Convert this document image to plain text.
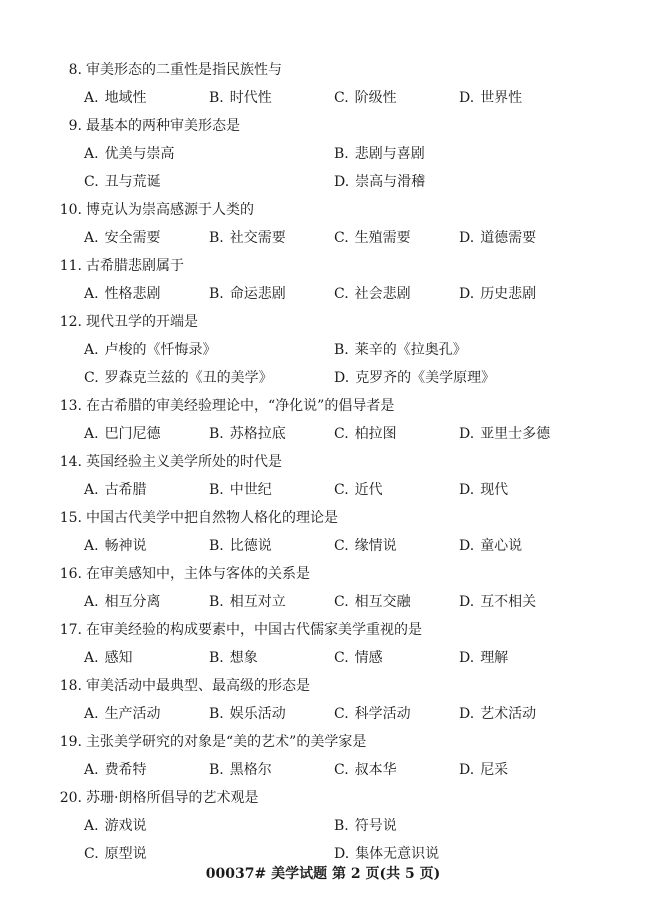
8. 审美形态的二重性是指民族性与
A. 地域性	B. 时代性	C. 阶级性	D. 世界性
9. 最基本的两种审美形态是
A. 优美与崇高	B. 悲剧与喜剧
C. 丑与荒诞	D. 崇高与滑稽
10. 博克认为崇高感源于人类的
A. 安全需要	B. 社交需要	C. 生殖需要	D. 道德需要
11. 古希腊悲剧属于
A. 性格悲剧	B. 命运悲剧	C. 社会悲剧	D. 历史悲剧
12. 现代丑学的开端是
A. 卢梭的《忏悔录》	B. 莱辛的《拉奥孔》
C. 罗森克兰兹的《丑的美学》	D. 克罗齐的《美学原理》
13. 在古希腊的审美经验理论中，“净化说”的倡导者是
A. 巴门尼德	B. 苏格拉底	C. 柏拉图	D. 亚里士多德
14. 英国经验主义美学所处的时代是
A. 古希腊	B. 中世纪	C. 近代	D. 现代
15. 中国古代美学中把自然物人格化的理论是
A. 畅神说	B. 比德说	C. 缘情说	D. 童心说
16. 在审美感知中，主体与客体的关系是
A. 相互分离	B. 相互对立	C. 相互交融	D. 互不相关
17. 在审美经验的构成要素中，中国古代儒家美学重视的是
A. 感知	B. 想象	C. 情感	D. 理解
18. 审美活动中最典型、最高级的形态是
A. 生产活动	B. 娱乐活动	C. 科学活动	D. 艺术活动
19. 主张美学研究的对象是“美的艺术”的美学家是
A. 费希特	B. 黑格尔	C. 叔本华	D. 尼采
20. 苏珊·朗格所倡导的艺术观是
A. 游戏说	B. 符号说
C. 原型说	D. 集体无意识说
00037# 美学试题 第 2 页(共 5 页)
